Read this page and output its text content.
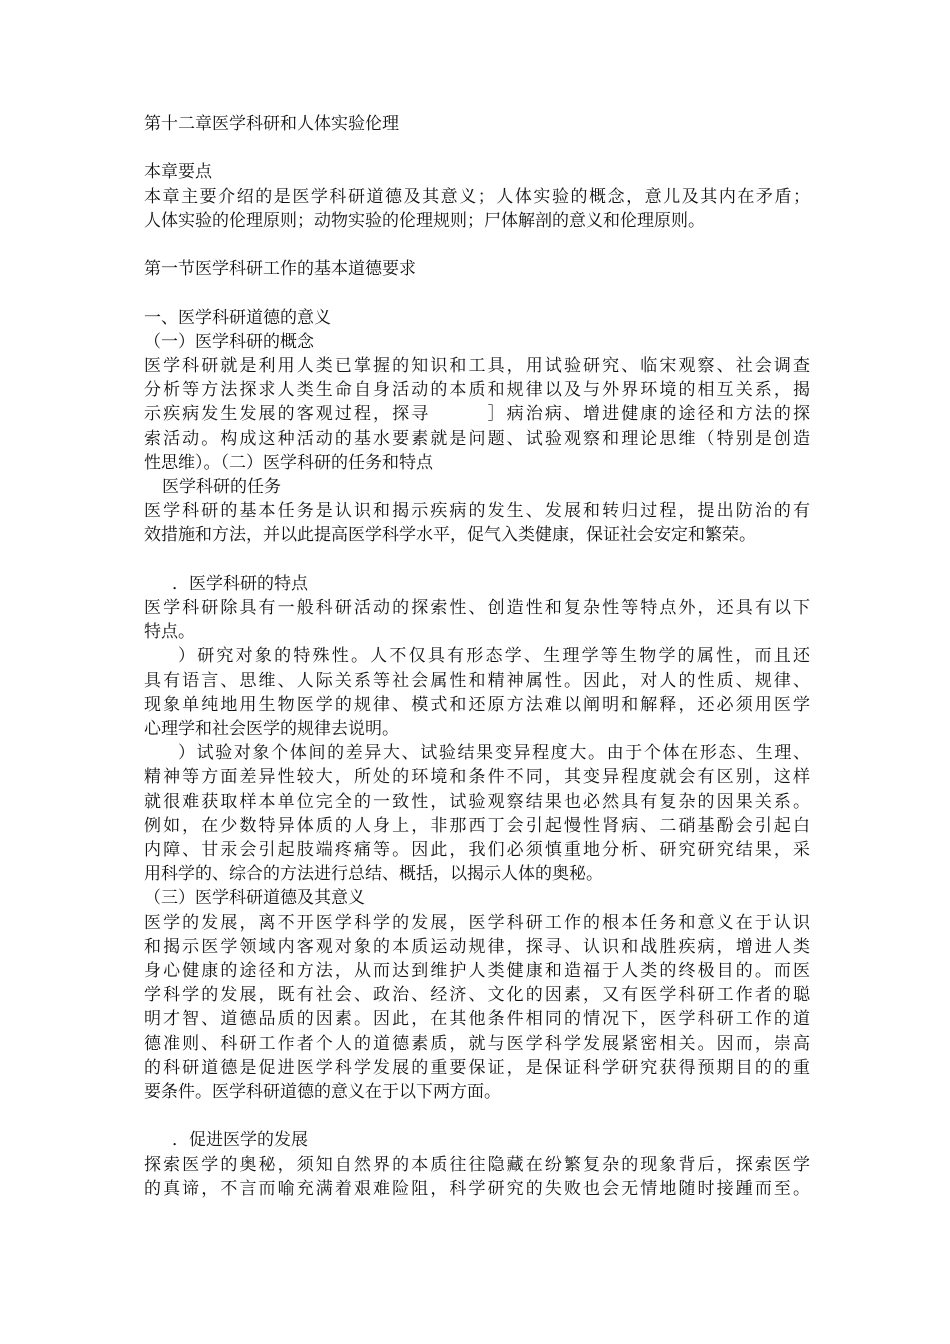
第十二章医学科研和人体实验伦理
本章要点
本章主要介绍的是医学科研道德及其意义；人体实验的概念，意儿及其内在矛盾；
人体实验的伦理原则；动物实验的伦理规则；尸体解剖的意义和伦理原则。
第一节医学科研工作的基本道德要求
一、医学科研道德的意义
（一）医学科研的概念
医学科研就是利用人类已掌握的知识和工具，用试验研究、临宋观察、社会调查
分析等方法探求人类生命自身活动的本质和规律以及与外界环境的相互关系，揭
示疾病发生发展的客观过程，探寻　　　］病治病、增进健康的途径和方法的探
索活动。构成这种活动的基水要素就是问题、试验观察和理论思维（特别是创造
性思维）。（二）医学科研的任务和特点
医学科研的任务
医学科研的基本任务是认识和揭示疾病的发生、发展和转归过程，提出防治的有
效措施和方法，并以此提高医学科学水平，促气入类健康，保证社会安定和繁荣。
．医学科研的特点
医学科研除具有一般科研活动的探索性、创造性和复杂性等特点外，还具有以下
特点。
）研究对象的特殊性。人不仅具有形态学、生理学等生物学的属性，而且还
具有语言、思维、人际关系等社会属性和精神属性。因此，对人的性质、规律、
现象单纯地用生物医学的规律、模式和还原方法难以阐明和解释，还必须用医学
心理学和社会医学的规律去说明。
）试验对象个体间的差异大、试验结果变异程度大。由于个体在形态、生理、
精神等方面差异性较大，所处的环境和条件不同，其变异程度就会有区别，这样
就很难获取样本单位完全的一致性，试验观察结果也必然具有复杂的因果关系。
例如，在少数特异体质的人身上，非那西丁会引起慢性肾病、二硝基酚会引起白
内障、甘汞会引起肢端疼痛等。因此，我们必须慎重地分析、研究研究结果，采
用科学的、综合的方法进行总结、概括，以揭示人体的奥秘。
（三）医学科研道德及其意义
医学的发展，离不开医学科学的发展，医学科研工作的根本任务和意义在于认识
和揭示医学领域内客观对象的本质运动规律，探寻、认识和战胜疾病，增进人类
身心健康的途径和方法，从而达到维护人类健康和造福于人类的终极目的。而医
学科学的发展，既有社会、政治、经济、文化的因素，又有医学科研工作者的聪
明才智、道德品质的因素。因此，在其他条件相同的情况下，医学科研工作的道
德准则、科研工作者个人的道德素质，就与医学科学发展紧密相关。因而，崇高
的科研道德是促进医学科学发展的重要保证，是保证科学研究获得预期目的的重
要条件。医学科研道德的意义在于以下两方面。
．促进医学的发展
探索医学的奥秘，须知自然界的本质往往隐藏在纷繁复杂的现象背后，探索医学
的真谛，不言而喻充满着艰难险阻，科学研究的失败也会无情地随时接踵而至。
